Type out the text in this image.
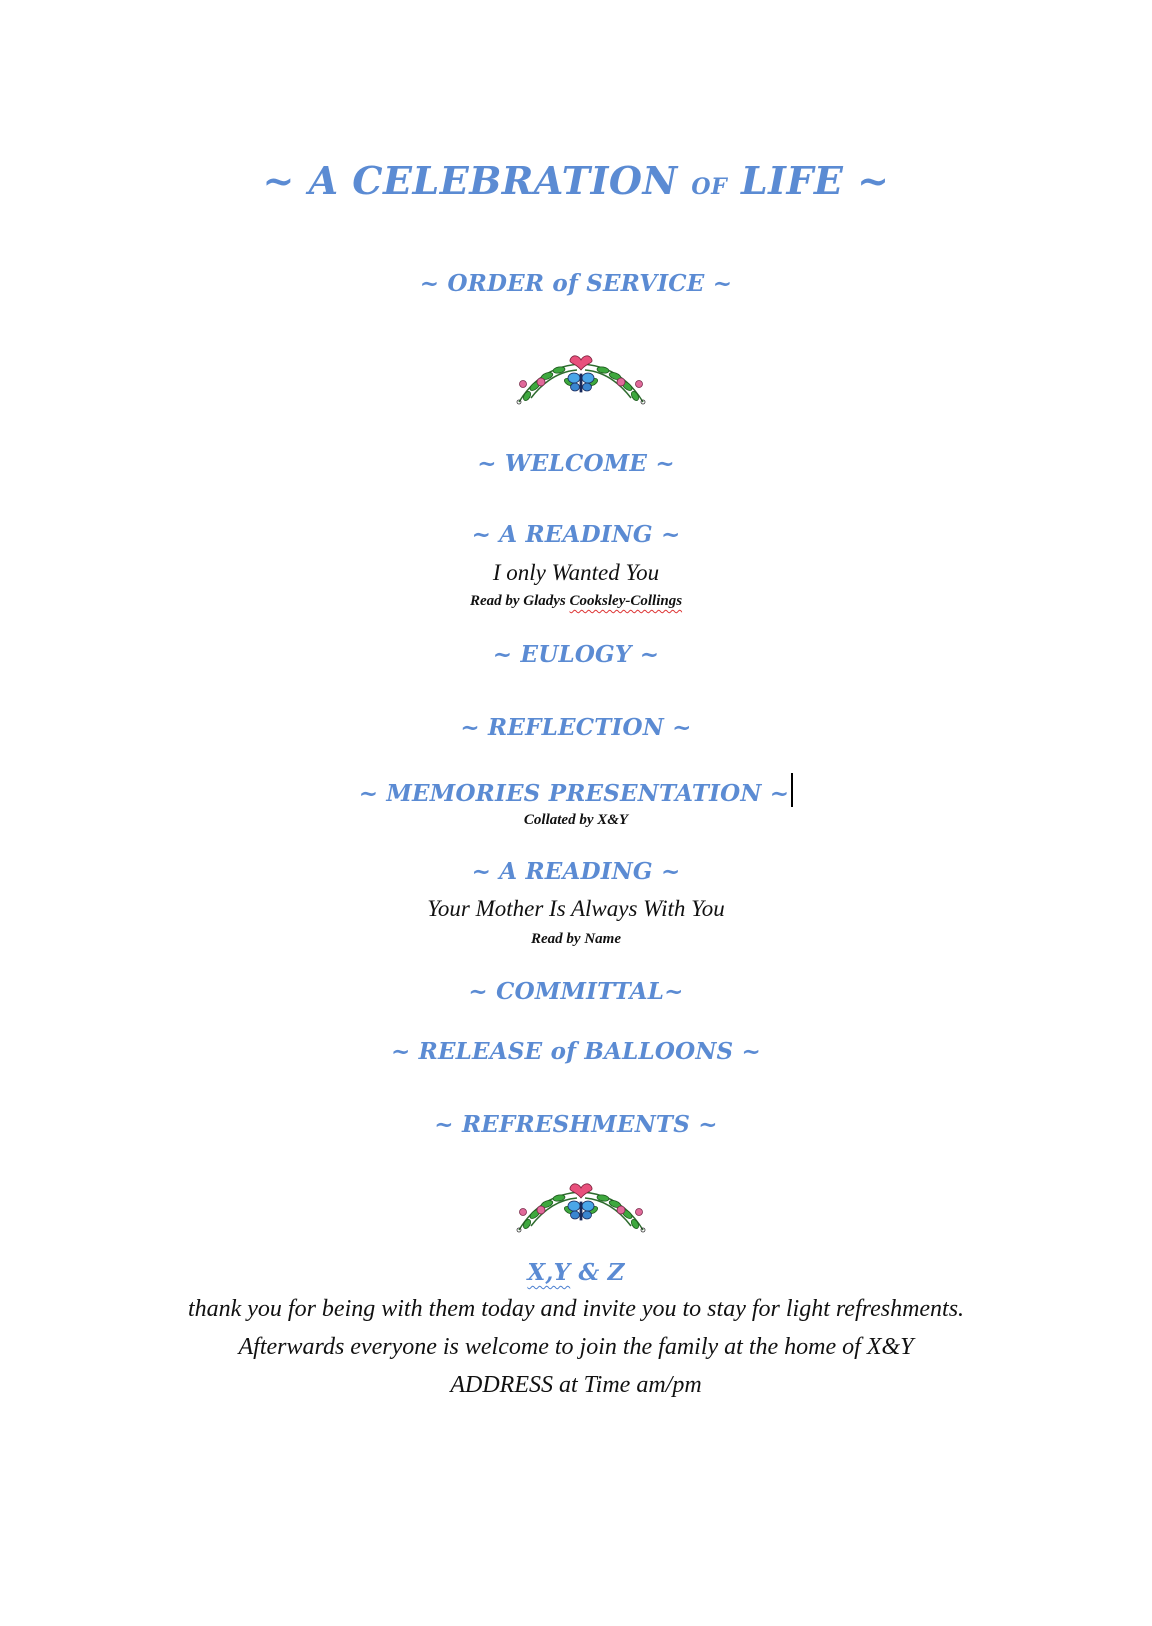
~ A CELEBRATION OF LIFE ~
~ ORDER of SERVICE ~
~ WELCOME ~
~ A READING ~
I only Wanted You
Read by Gladys Cooksley-Collings
~ EULOGY ~
~ REFLECTION ~
~ MEMORIES PRESENTATION ~
Collated by X&Y
~ A READING ~
Your Mother Is Always With You
Read by Name
~ COMMITTAL~
~ RELEASE of BALLOONS ~
~ REFRESHMENTS ~
X,Y & Z
thank you for being with them today and invite you to stay for light refreshments.
Afterwards everyone is welcome to join the family at the home of X&Y
ADDRESS at Time am/pm
